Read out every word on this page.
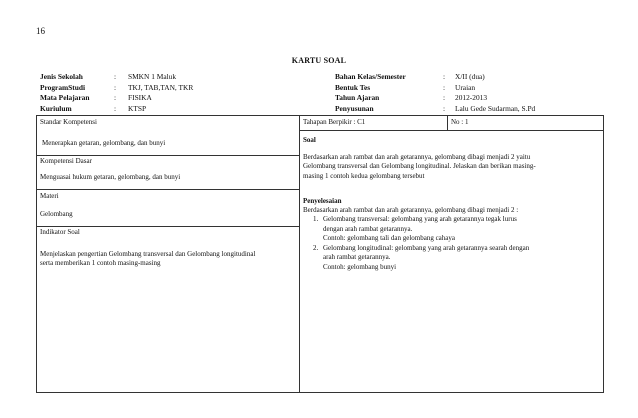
16
KARTU SOAL
Jenis Sekolah	:	SMKN 1 Maluk
ProgramStudi	:	TKJ, TAB,TAN, TKR
Mata Pelajaran	:	FISIKA
Kuriulum	:	KTSP
Bahan Kelas/Semester	:	X/II (dua)
Bentuk Tes	:	Uraian
Tahun Ajaran	:	2012-2013
Penyusunan	:	Lalu Gede Sudarman, S.Pd
Standar Kompetensi
Menerapkan getaran, gelombang, dan bunyi
Kompetensi Dasar
Menguasai hukum getaran, gelombang, dan bunyi
Materi
Gelombang
Indikator Soal
Menjelaskan pengertian Gelombang transversal dan Gelombang longitudinal
serta memberikan 1 contoh masing-masing
Tahapan Berpikir : C1	No : 1
Soal
Berdasarkan arah rambat dan arah getarannya, gelombang dibagi menjadi 2 yaitu
Gelombang transversal dan Gelombang longitudinal. Jelaskan dan berikan masing-
masing 1 contoh kedua gelombang tersebut
Penyelesaian
Berdasarkan arah rambat dan arah getarannya, gelombang dibagi menjadi 2 :
1. Gelombang transversal: gelombang yang arah getarannya tegak lurus
dengan arah rambat getarannya.
Contoh: gelombang tali dan gelombang cahaya
2. Gelombang longitudinal: gelombang yang arah getarannya searah dengan
arah rambat getarannya.
Contoh: gelombang bunyi
